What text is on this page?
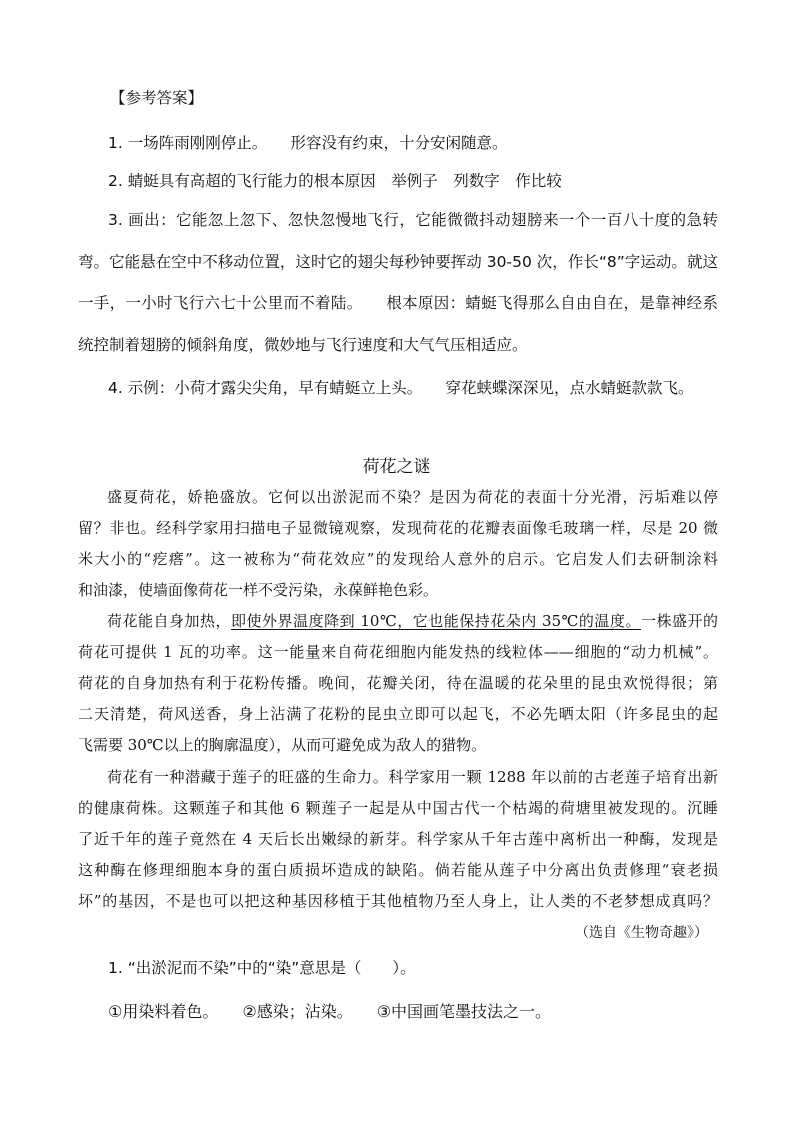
【参考答案】
1. 一场阵雨刚刚停止。　　形容没有约束，十分安闲随意。
2. 蜻蜓具有高超的飞行能力的根本原因　举例子　列数字　作比较
3. 画出：它能忽上忽下、忽快忽慢地飞行，它能微微抖动翅膀来一个一百八十度的急转
弯。它能悬在空中不移动位置，这时它的翅尖每秒钟要挥动 30-50 次，作长“8”字运动。就这
一手，一小时飞行六七十公里而不着陆。　　根本原因：蜻蜓飞得那么自由自在，是靠神经系
统控制着翅膀的倾斜角度，微妙地与飞行速度和大气气压相适应。
4. 示例：小荷才露尖尖角，早有蜻蜓立上头。　　穿花蛱蝶深深见，点水蜻蜓款款飞。
荷花之谜
盛夏荷花，娇艳盛放。它何以出淤泥而不染？是因为荷花的表面十分光滑，污垢难以停
留？非也。经科学家用扫描电子显微镜观察，发现荷花的花瓣表面像毛玻璃一样，尽是 20 微
米大小的“疙瘩”。这一被称为“荷花效应”的发现给人意外的启示。它启发人们去研制涂料
和油漆，使墙面像荷花一样不受污染，永葆鲜艳色彩。
荷花能自身加热，即使外界温度降到 10℃，它也能保持花朵内 35℃的温度。一株盛开的
荷花可提供 1 瓦的功率。这一能量来自荷花细胞内能发热的线粒体——细胞的“动力机械”。
荷花的自身加热有利于花粉传播。晚间，花瓣关闭，待在温暖的花朵里的昆虫欢悦得很；第
二天清楚，荷风送香，身上沾满了花粉的昆虫立即可以起飞，不必先晒太阳（许多昆虫的起
飞需要 30℃以上的胸廓温度），从而可避免成为敌人的猎物。
荷花有一种潜藏于莲子的旺盛的生命力。科学家用一颗 1288 年以前的古老莲子培育出新
的健康荷株。这颗莲子和其他 6 颗莲子一起是从中国古代一个枯竭的荷塘里被发现的。沉睡
了近千年的莲子竟然在 4 天后长出嫩绿的新芽。科学家从千年古莲中离析出一种酶，发现是
这种酶在修理细胞本身的蛋白质损坏造成的缺陷。倘若能从莲子中分离出负责修理“衰老损
坏”的基因，不是也可以把这种基因移植于其他植物乃至人身上，让人类的不老梦想成真吗？
（选自《生物奇趣》）
1. “出淤泥而不染”中的“染”意思是（　　）。
①用染料着色。　　②感染；沾染。　　③中国画笔墨技法之一。
